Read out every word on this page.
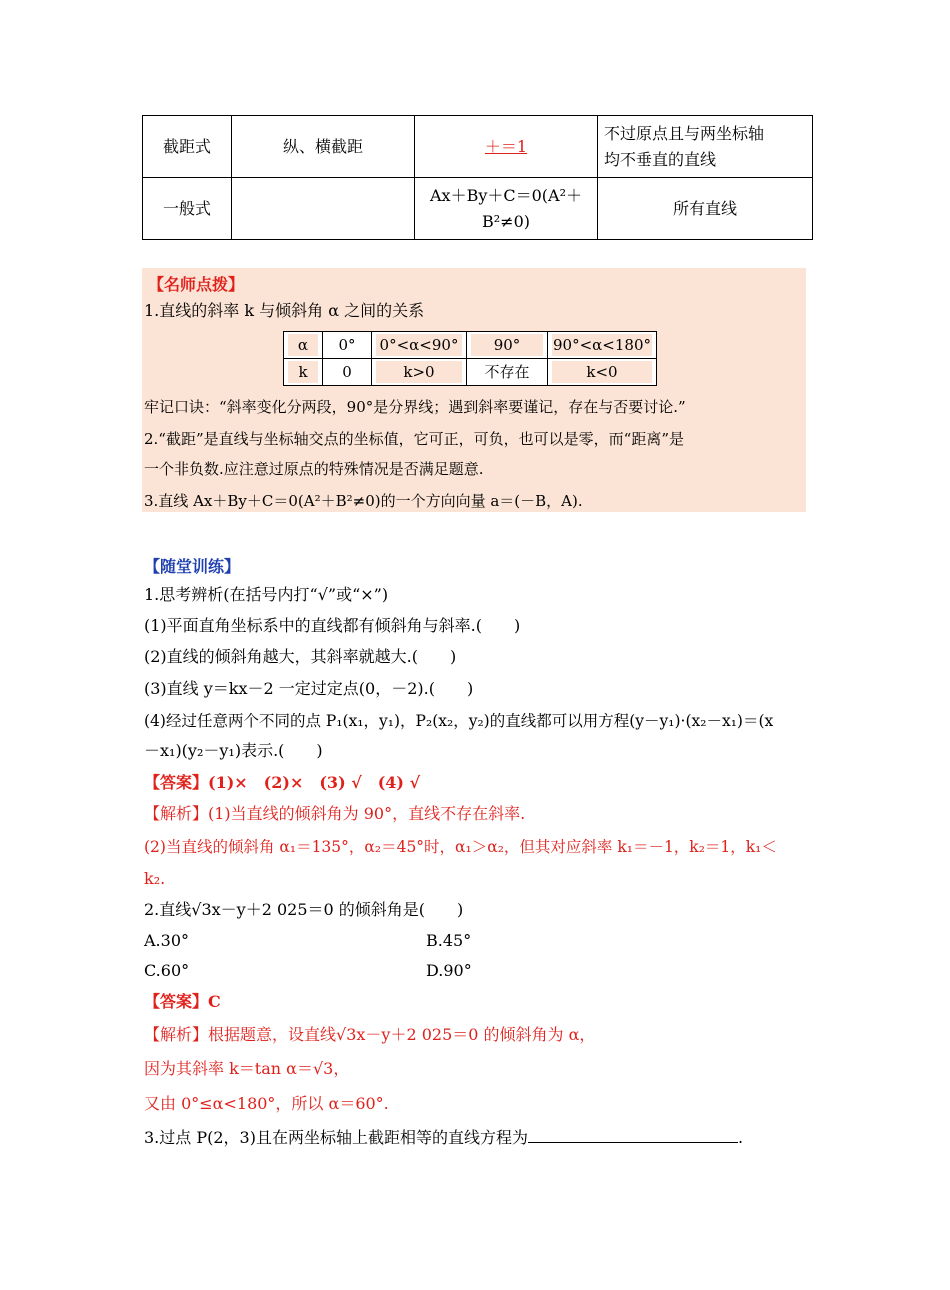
截距式	纵、横截距	＋＝1	不过原点且与两坐标轴
均不垂直的直线

一般式		Ax＋By＋C＝0(A²＋
B²≠0)	所有直线
【名师点拨】
1.直线的斜率 k 与倾斜角 α 之间的关系
α	0°	0°<α<90°	90°	90°<α<180°
k	0	k>0	不存在	k<0
牢记口诀：“斜率变化分两段，90°是分界线；遇到斜率要谨记，存在与否要讨论.”
2.“截距”是直线与坐标轴交点的坐标值，它可正，可负，也可以是零，而“距离”是
一个非负数.应注意过原点的特殊情况是否满足题意.
3.直线 Ax＋By＋C＝0(A²＋B²≠0)的一个方向向量 a＝(－B，A).
【随堂训练】
1.思考辨析(在括号内打“√”或“×”)
(1)平面直角坐标系中的直线都有倾斜角与斜率.(　　)
(2)直线的倾斜角越大，其斜率就越大.(　　)
(3)直线 y＝kx－2 一定过定点(0，－2).(　　)
(4)经过任意两个不同的点 P₁(x₁，y₁)，P₂(x₂，y₂)的直线都可以用方程(y－y₁)·(x₂－x₁)＝(x
－x₁)(y₂－y₁)表示.(　　)
【答案】(1)×　(2)×　(3) √　(4) √
【解析】(1)当直线的倾斜角为 90°，直线不存在斜率.
(2)当直线的倾斜角 α₁＝135°，α₂＝45°时，α₁＞α₂，但其对应斜率 k₁＝－1，k₂＝1，k₁＜
k₂.
2.直线√3x－y＋2 025＝0 的倾斜角是(　　)
A.30°	B.45°
C.60°	D.90°
【答案】C
【解析】根据题意，设直线√3x－y＋2 025＝0 的倾斜角为 α，
因为其斜率 k＝tan α＝√3，
又由 0°≤α<180°，所以 α＝60°.
3.过点 P(2，3)且在两坐标轴上截距相等的直线方程为	.
